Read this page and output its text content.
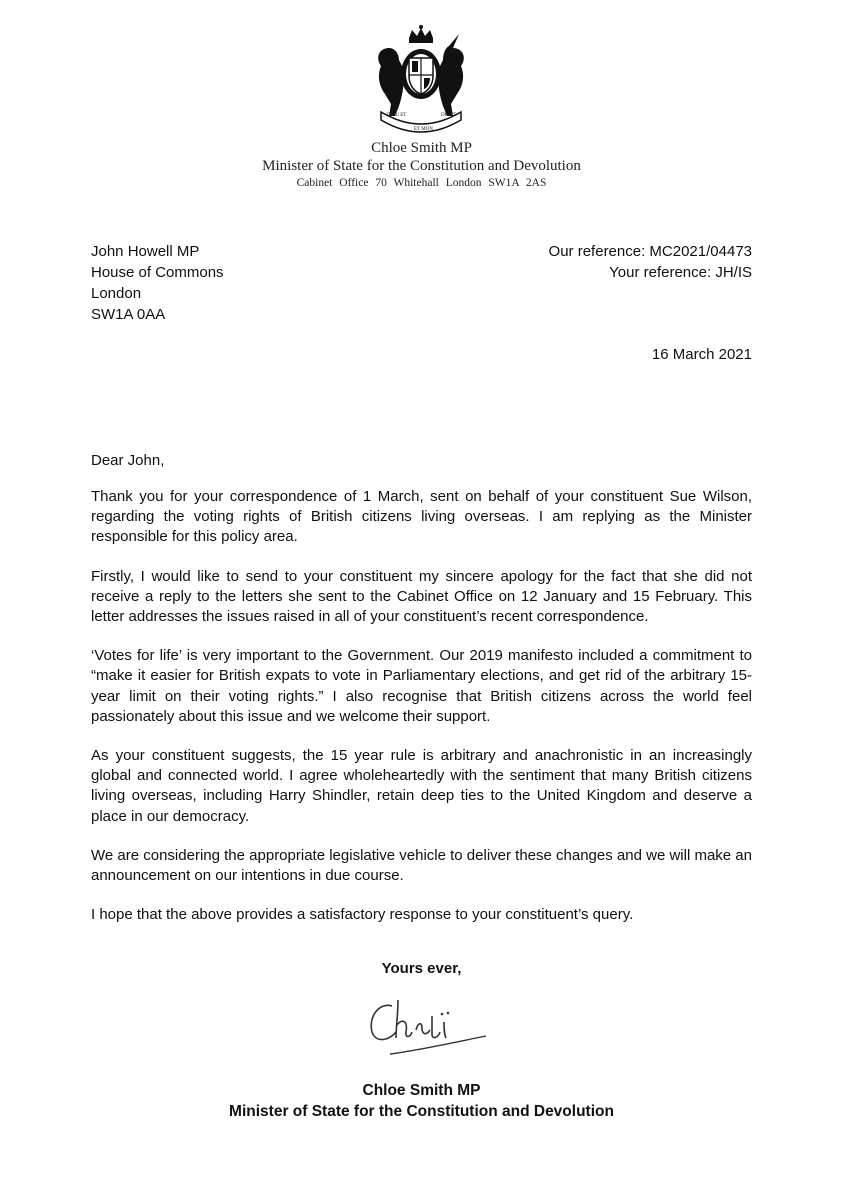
DIEU ET
ET MON
DROIT
Chloe Smith MP
Minister of State for the Constitution and Devolution
Cabinet Office 70 Whitehall London SW1A 2AS
John Howell MP
House of Commons
London
SW1A 0AA
Our reference: MC2021/04473
Your reference: JH/IS
16 March 2021
Dear John,

Thank you for your correspondence of 1 March, sent on behalf of your constituent Sue Wilson, regarding the voting rights of British citizens living overseas. I am replying as the Minister responsible for this policy area.

Firstly, I would like to send to your constituent my sincere apology for the fact that she did not receive a reply to the letters she sent to the Cabinet Office on 12 January and 15 February. This letter addresses the issues raised in all of your constituent’s recent correspondence.

‘Votes for life’ is very important to the Government. Our 2019 manifesto included a commitment to “make it easier for British expats to vote in Parliamentary elections, and get rid of the arbitrary 15-year limit on their voting rights.” I also recognise that British citizens across the world feel passionately about this issue and we welcome their support.

As your constituent suggests, the 15 year rule is arbitrary and anachronistic in an increasingly global and connected world. I agree wholeheartedly with the sentiment that many British citizens living overseas, including Harry Shindler, retain deep ties to the United Kingdom and deserve a place in our democracy.

We are considering the appropriate legislative vehicle to deliver these changes and we will make an announcement on our intentions in due course.

I hope that the above provides a satisfactory response to your constituent’s query.

Yours ever,
Chloe Smith MP
Minister of State for the Constitution and Devolution
